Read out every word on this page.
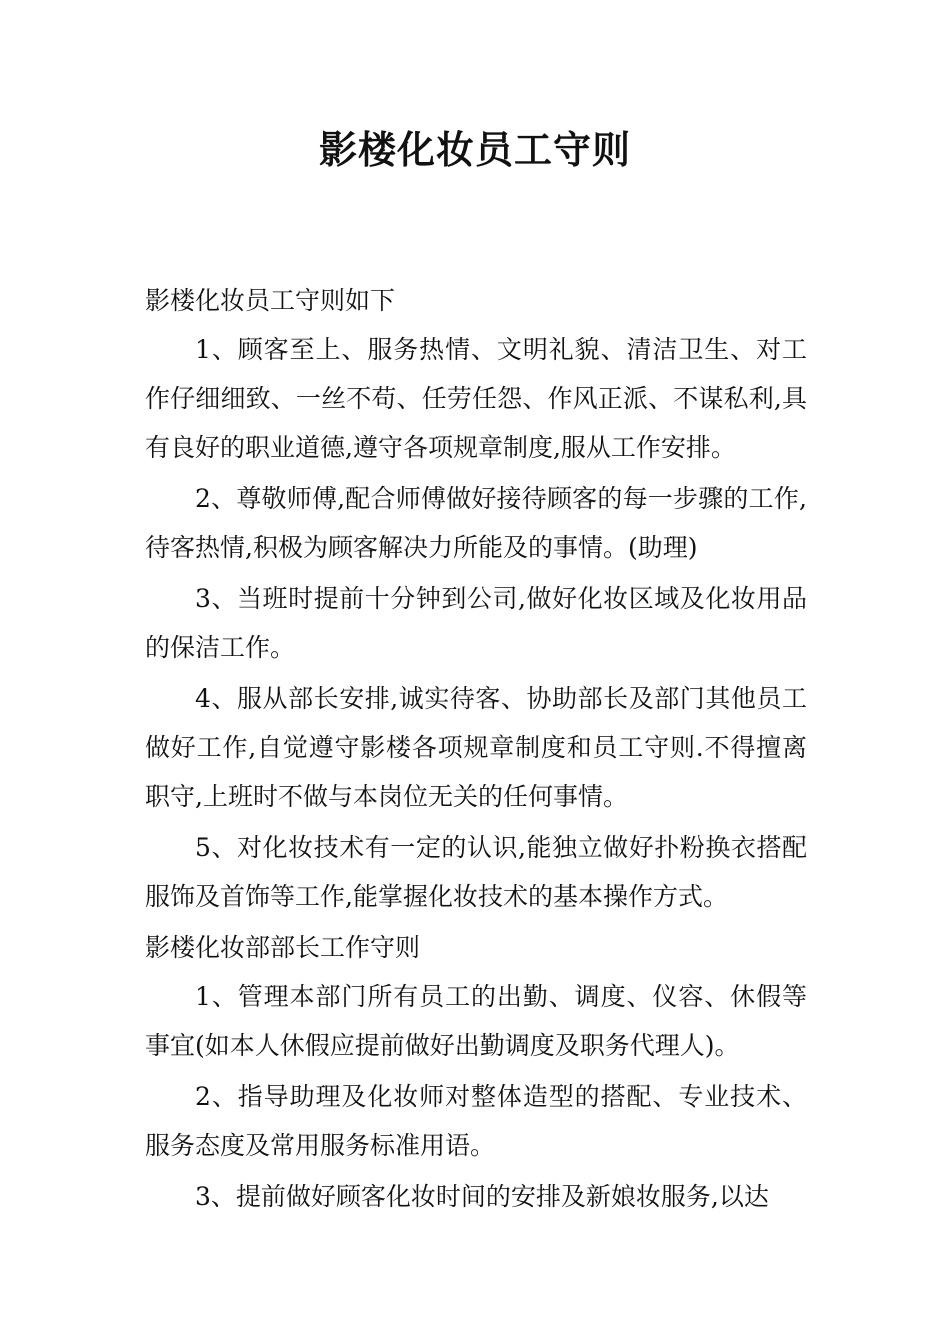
影楼化妆员工守则

影楼化妆员工守则如下

1、顾客至上、服务热情、文明礼貌、清洁卫生、对工作仔细细致、一丝不苟、任劳任怨、作风正派、不谋私利,具有良好的职业道德,遵守各项规章制度,服从工作安排。

2、尊敬师傅,配合师傅做好接待顾客的每一步骤的工作,待客热情,积极为顾客解决力所能及的事情。(助理)

3、当班时提前十分钟到公司,做好化妆区域及化妆用品的保洁工作。

4、服从部长安排,诚实待客、协助部长及部门其他员工做好工作,自觉遵守影楼各项规章制度和员工守则.不得擅离职守,上班时不做与本岗位无关的任何事情。

5、对化妆技术有一定的认识,能独立做好扑粉换衣搭配服饰及首饰等工作,能掌握化妆技术的基本操作方式。

影楼化妆部部长工作守则

1、管理本部门所有员工的出勤、调度、仪容、休假等事宜(如本人休假应提前做好出勤调度及职务代理人)。

2、指导助理及化妆师对整体造型的搭配、专业技术、服务态度及常用服务标准用语。

3、提前做好顾客化妆时间的安排及新娘妆服务,以达
